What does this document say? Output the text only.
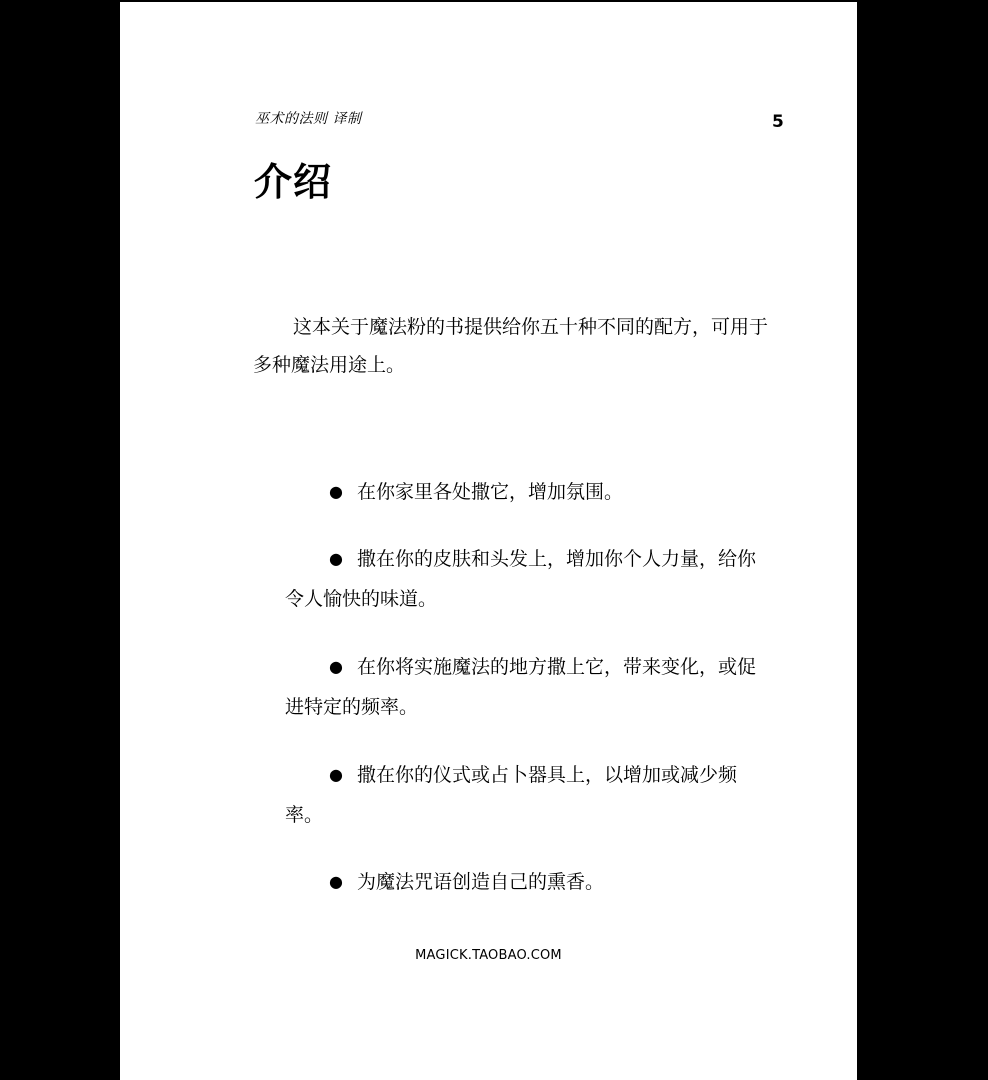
巫术的法则 译制	5
介绍

这本关于魔法粉的书提供给你五十种不同的配方，可用于多种魔法用途上。

● 在你家里各处撒它，增加氛围。
● 撒在你的皮肤和头发上，增加你个人力量，给你令人愉快的味道。
● 在你将实施魔法的地方撒上它，带来变化，或促进特定的频率。
● 撒在你的仪式或占卜器具上，以增加或减少频率。
● 为魔法咒语创造自己的熏香。
MAGICK.TAOBAO.COM
